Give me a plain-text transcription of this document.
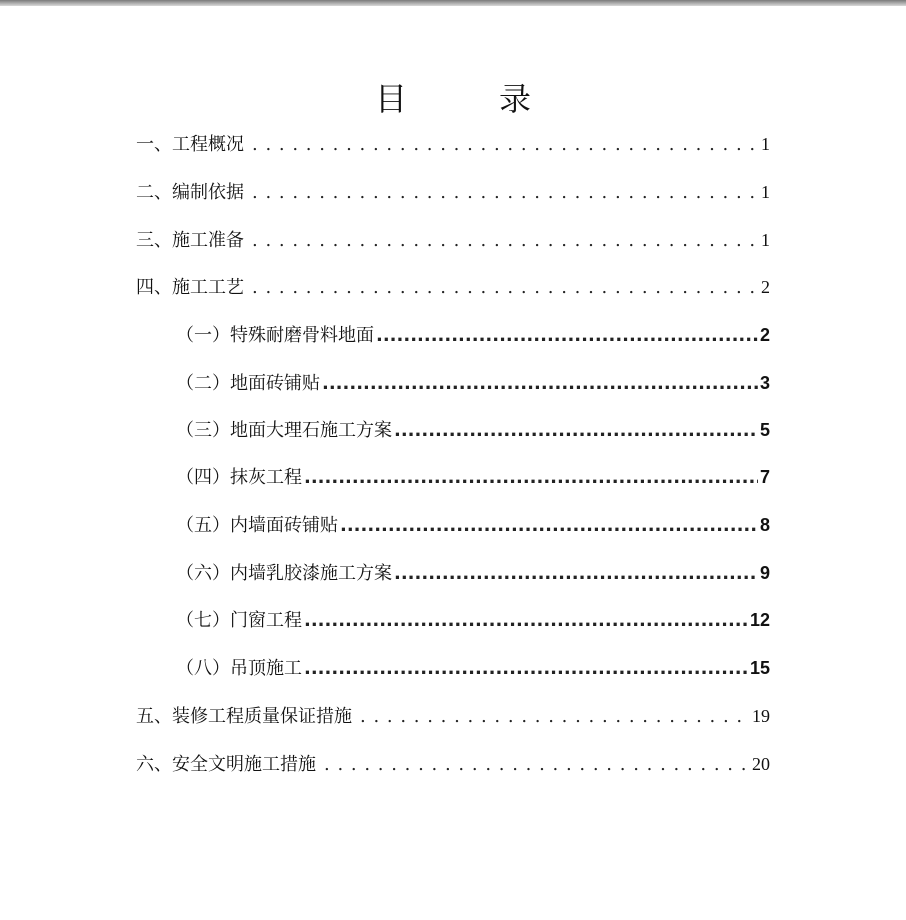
目　录
一、工程概况 . . .	1
二、编制依据 . . .	1
三、施工准备 . . .	1
四、施工工艺 . . .	2
（一）特殊耐磨骨料地面 .....	2
（二）地面砖铺贴 .....	3
（三）地面大理石施工方案 .....	5
（四）抹灰工程 .....	7
（五）内墙面砖铺贴 .....	8
（六）内墙乳胶漆施工方案 .....	9
（七）门窗工程 .....	12
（八）吊顶施工 .....	15
五、装修工程质量保证措施 . . .	19
六、安全文明施工措施 . . .	20
